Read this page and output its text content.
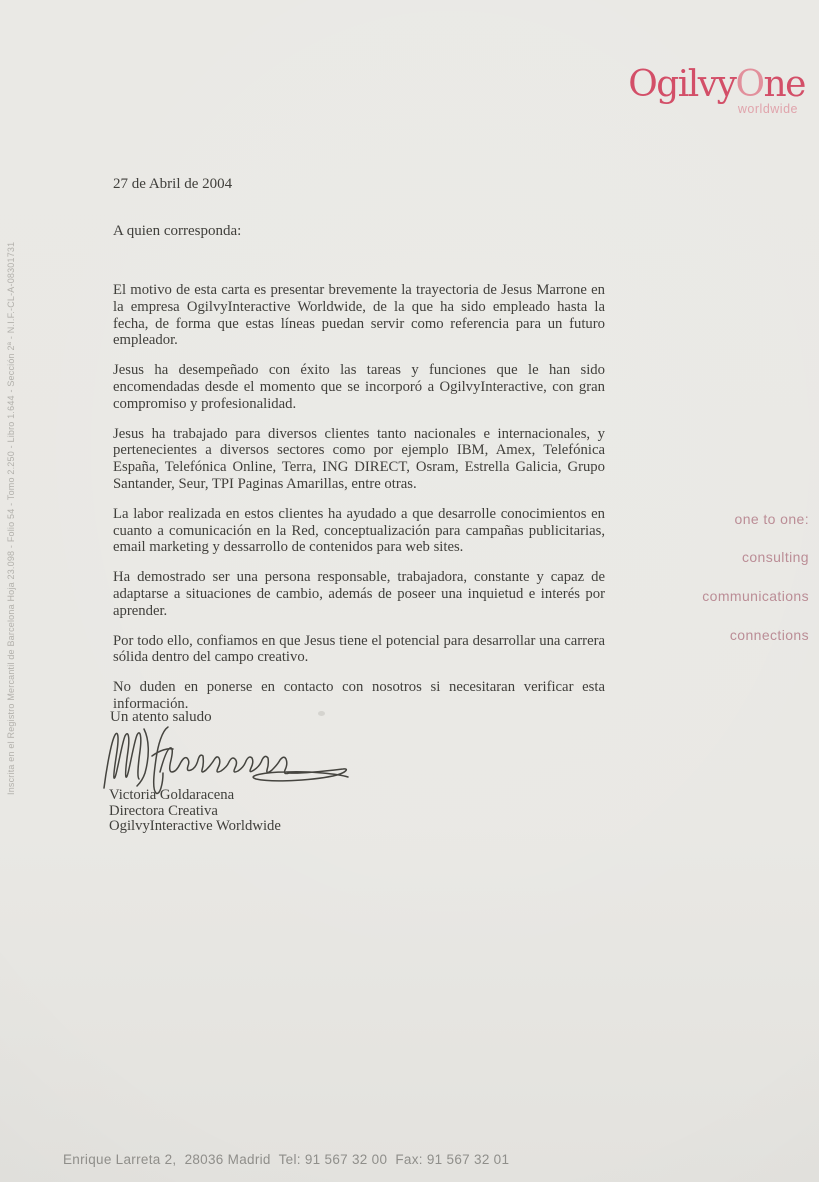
OgilvyOne
worldwide
27 de Abril de 2004
A quien corresponda:

El motivo de esta carta es presentar brevemente la trayectoria de Jesus Marrone en la empresa OgilvyInteractive Worldwide, de la que ha sido empleado hasta la fecha, de forma que estas líneas puedan servir como referencia para un futuro empleador.

Jesus ha desempeñado con éxito las tareas y funciones que le han sido encomendadas desde el momento que se incorporó a OgilvyInteractive, con gran compromiso y profesionalidad.

Jesus ha trabajado para diversos clientes tanto nacionales e internacionales, y pertenecientes a diversos sectores como por ejemplo IBM, Amex, Telefónica España, Telefónica Online, Terra, ING DIRECT, Osram, Estrella Galicia, Grupo Santander, Seur, TPI Paginas Amarillas, entre otras.

La labor realizada en estos clientes ha ayudado a que desarrolle conocimientos en cuanto a comunicación en la Red, conceptualización para campañas publicitarias, email marketing y dessarrollo de contenidos para web sites.

Ha demostrado ser una persona responsable, trabajadora, constante y capaz de adaptarse a situaciones de cambio, además de poseer una inquietud e interés por aprender.

Por todo ello, confiamos en que Jesus tiene el potencial para desarrollar una carrera sólida dentro del campo creativo.

No duden en ponerse en contacto con nosotros si necesitaran verificar esta información.

Un atento saludo
Victoria Goldaracena
Directora Creativa
OgilvyInteractive Worldwide
one to one:
consulting
communications
connections
Inscrita en el Registro Mercantil de Barcelona Hoja 23.098 - Folio 54 - Tomo 2.250 - Libro 1.644 - Sección 2ª - N.I.F.-CL-A-08301731
Enrique Larreta 2,  28036 Madrid  Tel: 91 567 32 00  Fax: 91 567 32 01
